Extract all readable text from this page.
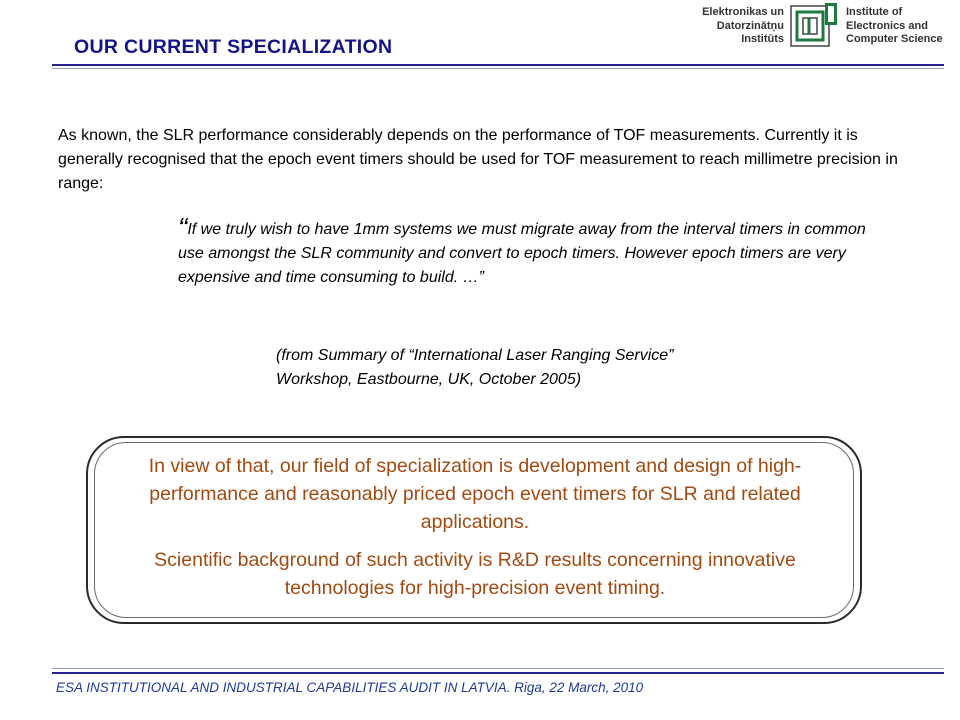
OUR CURRENT SPECIALIZATION
Elektronikas un
Datorzinātņu
Institūts
Institute of
Electronics and
Computer Science
As known, the SLR performance considerably depends on the performance of TOF measurements. Currently it is generally recognised that the epoch event timers should be used for TOF measurement to reach millimetre precision in range:
“If we truly wish to have 1mm systems we must migrate away from the interval timers in common use amongst the SLR community and convert to epoch timers. However epoch timers are very expensive and time consuming to build. …”
(from Summary of “International Laser Ranging Service”
Workshop, Eastbourne, UK, October 2005)

In view of that, our field of specialization is development and design of high-performance and reasonably priced epoch event timers for SLR and related applications.

Scientific background of such activity is R&D results concerning innovative technologies for high-precision event timing.

ESA INSTITUTIONAL AND INDUSTRIAL CAPABILITIES AUDIT IN LATVIA. Riga, 22 March, 2010
